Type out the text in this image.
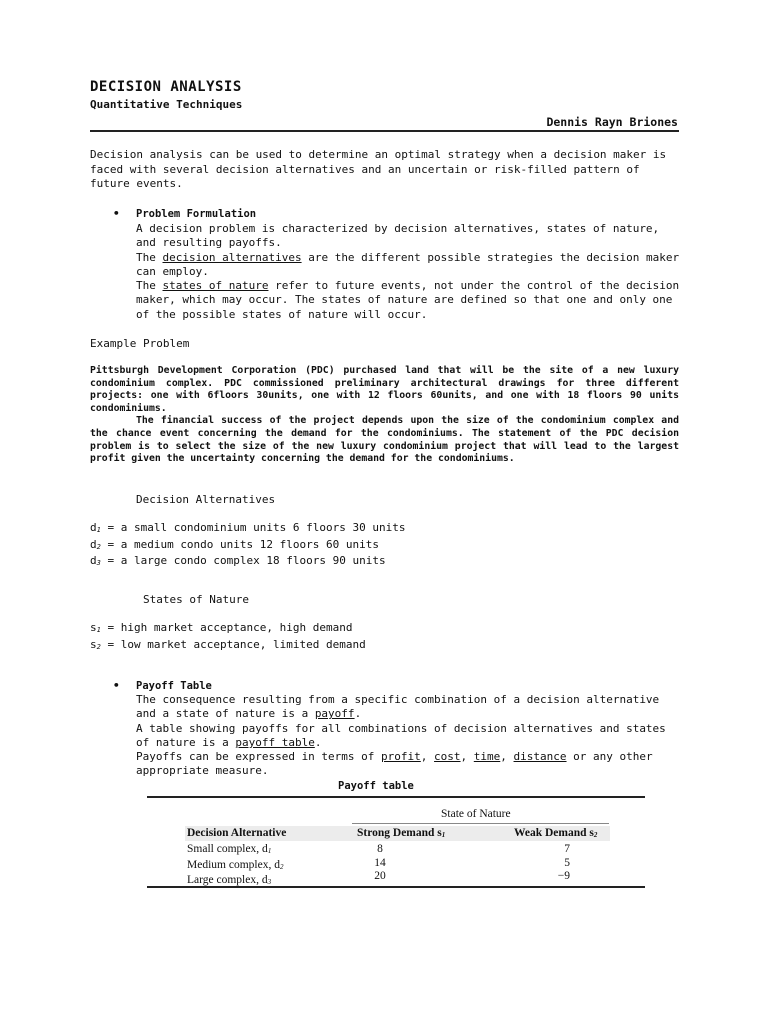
DECISION ANALYSIS
Quantitative Techniques
Dennis Rayn Briones
Decision analysis can be used to determine an optimal strategy when a decision maker is faced with several decision alternatives and an uncertain or risk-filled pattern of future events.
• Problem Formulation

A decision problem is characterized by decision alternatives, states of nature, and resulting payoffs.

The decision alternatives are the different possible strategies the decision maker can employ.

The states of nature refer to future events, not under the control of the decision maker, which may occur. The states of nature are defined so that one and only one of the possible states of nature will occur.

Example Problem

Pittsburgh Development Corporation (PDC) purchased land that will be the site of a new luxury condominium complex. PDC commissioned preliminary architectural drawings for three different projects: one with 6floors 30units, one with 12 floors 60units, and one with 18 floors 90 units condominiums.

The financial success of the project depends upon the size of the condominium complex and the chance event concerning the demand for the condominiums. The statement of the PDC decision problem is to select the size of the new luxury condominium project that will lead to the largest profit given the uncertainty concerning the demand for the condominiums.

Decision Alternatives
d1 = a small condominium units 6 floors 30 units
d2 = a medium condo units 12 floors 60 units
d3 = a large condo complex 18 floors 90 units
States of Nature
s1 = high market acceptance, high demand
s2 = low market acceptance, limited demand
• Payoff Table

The consequence resulting from a specific combination of a decision alternative and a state of nature is a payoff.

A table showing payoffs for all combinations of decision alternatives and states of nature is a payoff table.

Payoffs can be expressed in terms of profit, cost, time, distance or any other appropriate measure.

Payoff table
State of Nature
Decision Alternative	Strong Demand s1	Weak Demand s2
Small complex, d1
Medium complex, d2
Large complex, d3
8
14
20
7
5
−9
